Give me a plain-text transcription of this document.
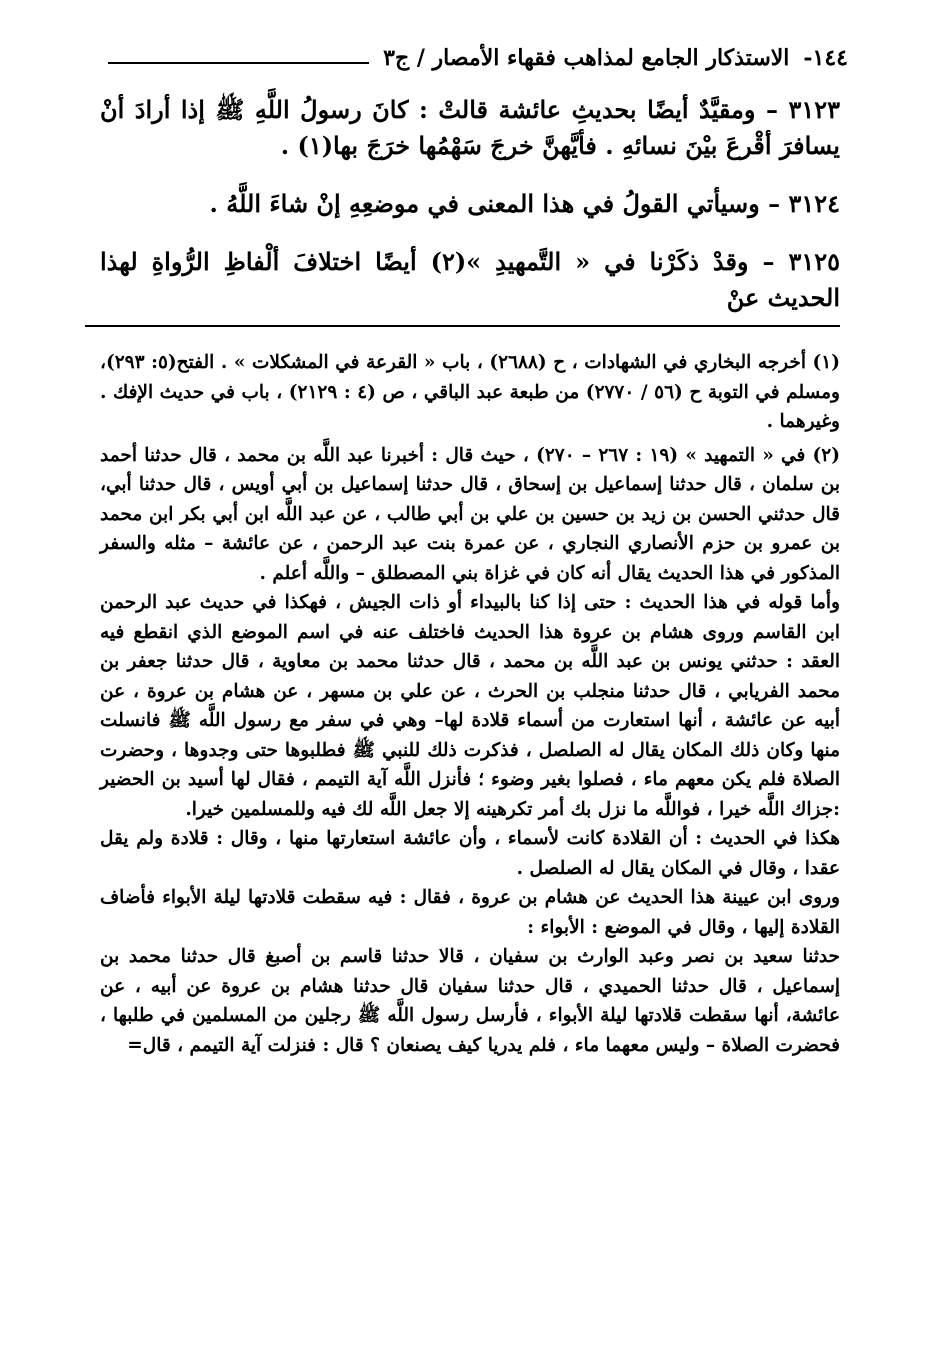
١٤٤-
الاستذكار الجامع لمذاهب فقهاء الأمصار / ج٣

٣١٢٣ – ومقيَّدٌ أيضًا بحديثِ عائشة قالتْ : كانَ رسولُ اللَّهِ ﷺ إذا أرادَ أنْ يسافرَ أقْرعَ بيْنَ نسائهِ . فأيَّهنَّ خرجَ سَهْمُها خرَجَ بها(١) .

٣١٢٤ – وسيأتي القولُ في هذا المعنى في موضعِهِ إنْ شاءَ اللَّهُ .

٣١٢٥ – وقدْ ذكَرْنا في « التَّمهيدِ »(٢) أيضًا اختلافَ ألْفاظِ الرُّواةِ لهذا الحديث عنْ

(١) أخرجه البخاري في الشهادات ، ح (٢٦٨٨) ، باب « القرعة في المشكلات » . الفتح(٥: ٢٩٣)، ومسلم في التوبة ح (٥٦ / ٢٧٧٠) من طبعة عبد الباقي ، ص (٤ : ٢١٢٩) ، باب في حديث الإفك . وغيرهما .

(٢) في « التمهيد » (١٩ : ٢٦٧ – ٢٧٠) ، حيث قال : أخبرنا عبد اللَّه بن محمد ، قال حدثنا أحمد بن سلمان ، قال حدثنا إسماعيل بن إسحاق ، قال حدثنا إسماعيل بن أبي أويس ، قال حدثنا أبي، قال حدثني الحسن بن زيد بن حسين بن علي بن أبي طالب ، عن عبد اللَّه ابن أبي بكر ابن محمد بن عمرو بن حزم الأنصاري النجاري ، عن عمرة بنت عبد الرحمن ، عن عائشة – مثله والسفر المذكور في هذا الحديث يقال أنه كان في غزاة بني المصطلق – واللَّه أعلم .

وأما قوله في هذا الحديث : حتى إذا كنا بالبيداء أو ذات الجيش ، فهكذا في حديث عبد الرحمن ابن القاسم وروى هشام بن عروة هذا الحديث فاختلف عنه في اسم الموضع الذي انقطع فيه العقد : حدثني يونس بن عبد اللَّه بن محمد ، قال حدثنا محمد بن معاوية ، قال حدثنا جعفر بن محمد الفريابي ، قال حدثنا منجلب بن الحرث ، عن علي بن مسهر ، عن هشام بن عروة ، عن أبيه عن عائشة ، أنها استعارت من أسماء قلادة لها– وهي في سفر مع رسول اللَّه ﷺ فانسلت منها وكان ذلك المكان يقال له الصلصل ، فذكرت ذلك للنبي ﷺ فطلبوها حتى وجدوها ، وحضرت الصلاة فلم يكن معهم ماء ، فصلوا بغير وضوء ؛ فأنزل اللَّه آية التيمم ، فقال لها أسيد بن الحضير :جزاك اللَّه خيرا ، فواللَّه ما نزل بك أمر تكرهينه إلا جعل اللَّه لك فيه وللمسلمين خيرا.

هكذا في الحديث : أن القلادة كانت لأسماء ، وأن عائشة استعارتها منها ، وقال : قلادة ولم يقل عقدا ، وقال في المكان يقال له الصلصل .

وروى ابن عيينة هذا الحديث عن هشام بن عروة ، فقال : فيه سقطت قلادتها ليلة الأبواء فأضاف القلادة إليها ، وقال في الموضع : الأبواء :

حدثنا سعيد بن نصر وعبد الوارث بن سفيان ، قالا حدثنا قاسم بن أصبغ قال حدثنا محمد بن إسماعيل ، قال حدثنا الحميدي ، قال حدثنا سفيان قال حدثنا هشام بن عروة عن أبيه ، عن عائشة، أنها سقطت قلادتها ليلة الأبواء ، فأرسل رسول اللَّه ﷺ رجلين من المسلمين في طلبها ، فحضرت الصلاة – وليس معهما ماء ، فلم يدريا كيف يصنعان ؟ قال : فنزلت آية التيمم ، قال=
